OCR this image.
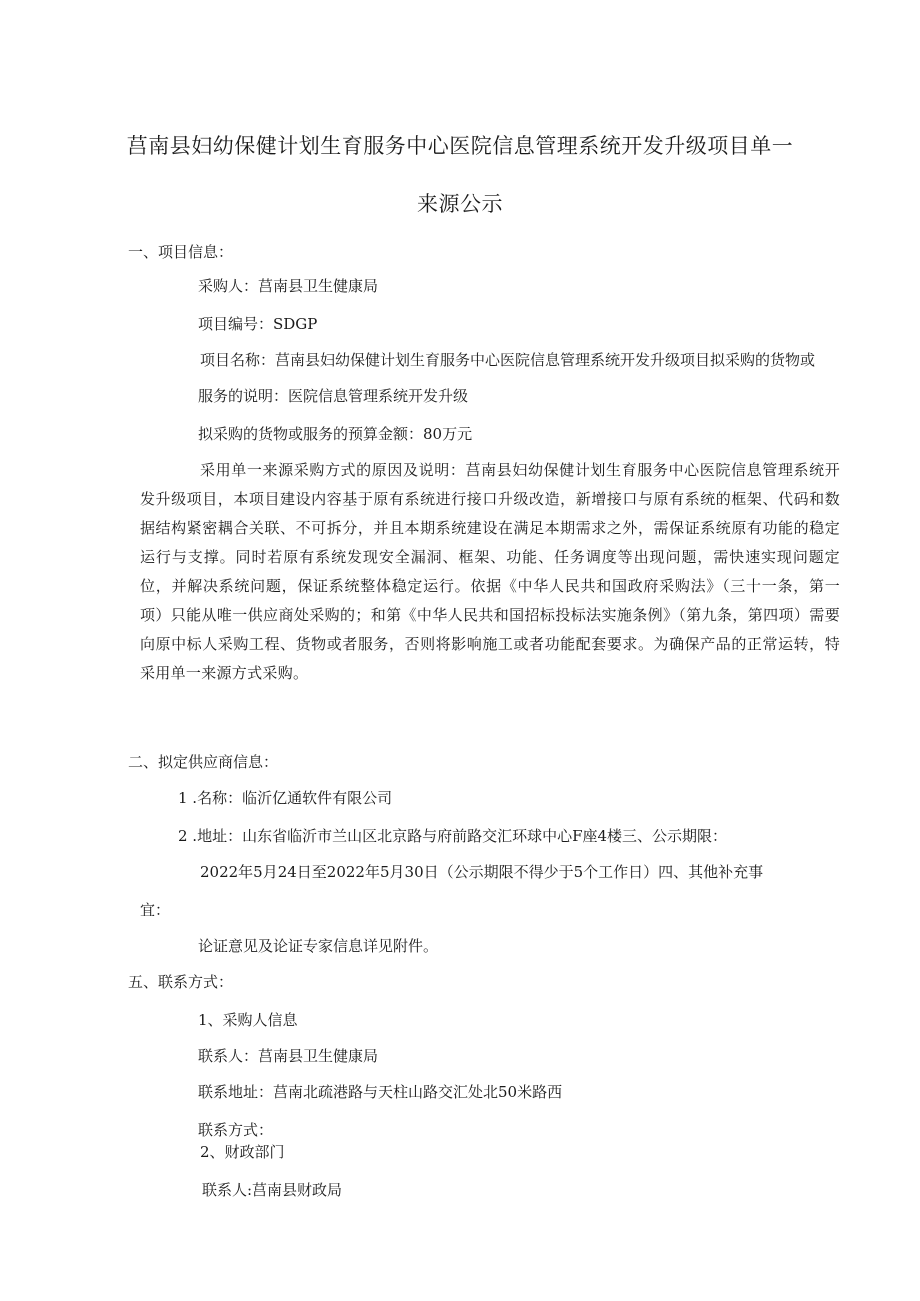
莒南县妇幼保健计划生育服务中心医院信息管理系统开发升级项目单一
来源公示
一、项目信息：
采购人：莒南县卫生健康局
项目编号：SDGP
项目名称：莒南县妇幼保健计划生育服务中心医院信息管理系统开发升级项目拟采购的货物或
服务的说明：医院信息管理系统开发升级
拟采购的货物或服务的预算金额：80万元
采用单一来源采购方式的原因及说明：莒南县妇幼保健计划生育服务中心医院信息管理系统开发升级项目，本项目建设内容基于原有系统进行接口升级改造，新增接口与原有系统的框架、代码和数据结构紧密耦合关联、不可拆分，并且本期系统建设在满足本期需求之外，需保证系统原有功能的稳定运行与支撑。同时若原有系统发现安全漏洞、框架、功能、任务调度等出现问题，需快速实现问题定位，并解决系统问题，保证系统整体稳定运行。依据《中华人民共和国政府采购法》（三十一条，第一项）只能从唯一供应商处采购的；和第《中华人民共和国招标投标法实施条例》（第九条，第四项）需要向原中标人采购工程、货物或者服务，否则将影响施工或者功能配套要求。为确保产品的正常运转，特采用单一来源方式采购。
二、拟定供应商信息：
1 .名称：临沂亿通软件有限公司
2 .地址：山东省临沂市兰山区北京路与府前路交汇环球中心F座4楼三、公示期限：
2022年5月24日至2022年5月30日（公示期限不得少于5个工作日）四、其他补充事
宜：
论证意见及论证专家信息详见附件。
五、联系方式：
1、采购人信息
联系人：莒南县卫生健康局
联系地址：莒南北疏港路与天柱山路交汇处北50米路西
联系方式：
2、财政部门
联系人:莒南县财政局
